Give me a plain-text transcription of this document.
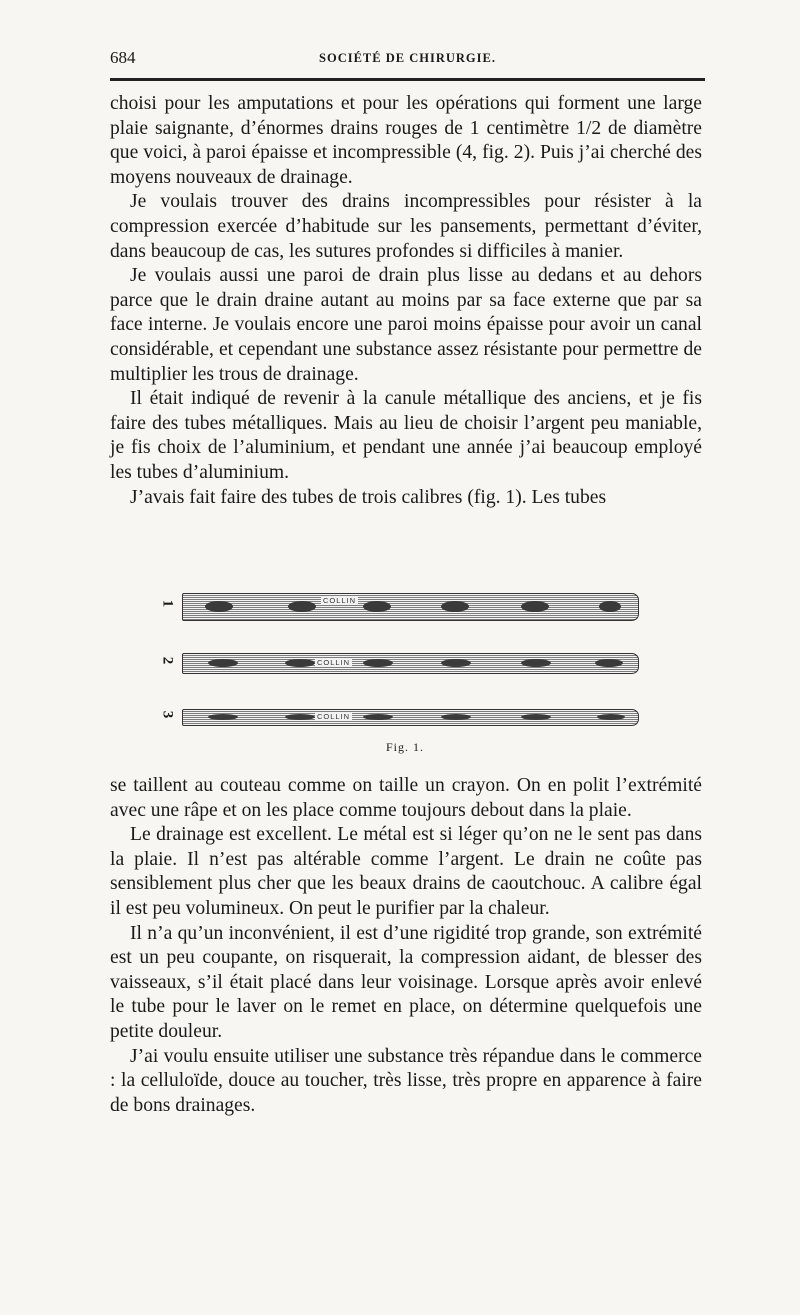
684	SOCIÉTÉ DE CHIRURGIE.

choisi pour les amputations et pour les opérations qui forment une large plaie saignante, d’énormes drains rouges de 1 centimètre 1/2 de diamètre que voici, à paroi épaisse et incompressible (4, fig. 2). Puis j’ai cherché des moyens nouveaux de drainage.

Je voulais trouver des drains incompressibles pour résister à la compression exercée d’habitude sur les pansements, permettant d’éviter, dans beaucoup de cas, les sutures profondes si difficiles à manier.

Je voulais aussi une paroi de drain plus lisse au dedans et au dehors parce que le drain draine autant au moins par sa face externe que par sa face interne. Je voulais encore une paroi moins épaisse pour avoir un canal considérable, et cependant une substance assez résistante pour permettre de multiplier les trous de drainage.

Il était indiqué de revenir à la canule métallique des anciens, et je fis faire des tubes métalliques. Mais au lieu de choisir l’argent peu maniable, je fis choix de l’aluminium, et pendant une année j’ai beaucoup employé les tubes d’aluminium.

J’avais fait faire des tubes de trois calibres (fig. 1). Les tubes

1	COLLIN
2	COLLIN
3	COLLIN
Fig. 1.

se taillent au couteau comme on taille un crayon. On en polit l’extrémité avec une râpe et on les place comme toujours debout dans la plaie.

Le drainage est excellent. Le métal est si léger qu’on ne le sent pas dans la plaie. Il n’est pas altérable comme l’argent. Le drain ne coûte pas sensiblement plus cher que les beaux drains de caoutchouc. A calibre égal il est peu volumineux. On peut le purifier par la chaleur.

Il n’a qu’un inconvénient, il est d’une rigidité trop grande, son extrémité est un peu coupante, on risquerait, la compression aidant, de blesser des vaisseaux, s’il était placé dans leur voisinage. Lorsque après avoir enlevé le tube pour le laver on le remet en place, on détermine quelquefois une petite douleur.

J’ai voulu ensuite utiliser une substance très répandue dans le commerce : la celluloïde, douce au toucher, très lisse, très propre en apparence à faire de bons drainages.
